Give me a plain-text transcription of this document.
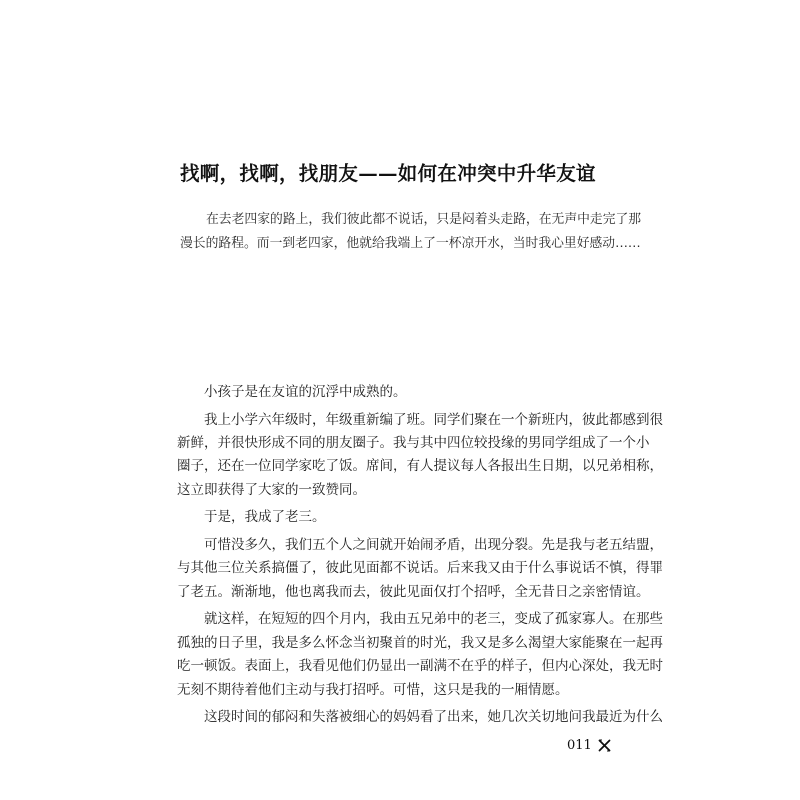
找啊，找啊，找朋友——如何在冲突中升华友谊
在去老四家的路上，我们彼此都不说话，只是闷着头走路，在无声中走完了那
漫长的路程。而一到老四家，他就给我端上了一杯凉开水，当时我心里好感动……

小孩子是在友谊的沉浮中成熟的。

我上小学六年级时，年级重新编了班。同学们聚在一个新班内，彼此都感到很
新鲜，并很快形成不同的朋友圈子。我与其中四位较投缘的男同学组成了一个小
圈子，还在一位同学家吃了饭。席间，有人提议每人各报出生日期，以兄弟相称，
这立即获得了大家的一致赞同。

于是，我成了老三。

可惜没多久，我们五个人之间就开始闹矛盾，出现分裂。先是我与老五结盟，
与其他三位关系搞僵了，彼此见面都不说话。后来我又由于什么事说话不慎，得罪
了老五。渐渐地，他也离我而去，彼此见面仅打个招呼，全无昔日之亲密情谊。

就这样，在短短的四个月内，我由五兄弟中的老三，变成了孤家寡人。在那些
孤独的日子里，我是多么怀念当初聚首的时光，我又是多么渴望大家能聚在一起再
吃一顿饭。表面上，我看见他们仍显出一副满不在乎的样子，但内心深处，我无时
无刻不期待着他们主动与我打招呼。可惜，这只是我的一厢情愿。

这段时间的郁闷和失落被细心的妈妈看了出来，她几次关切地问我最近为什么

011
